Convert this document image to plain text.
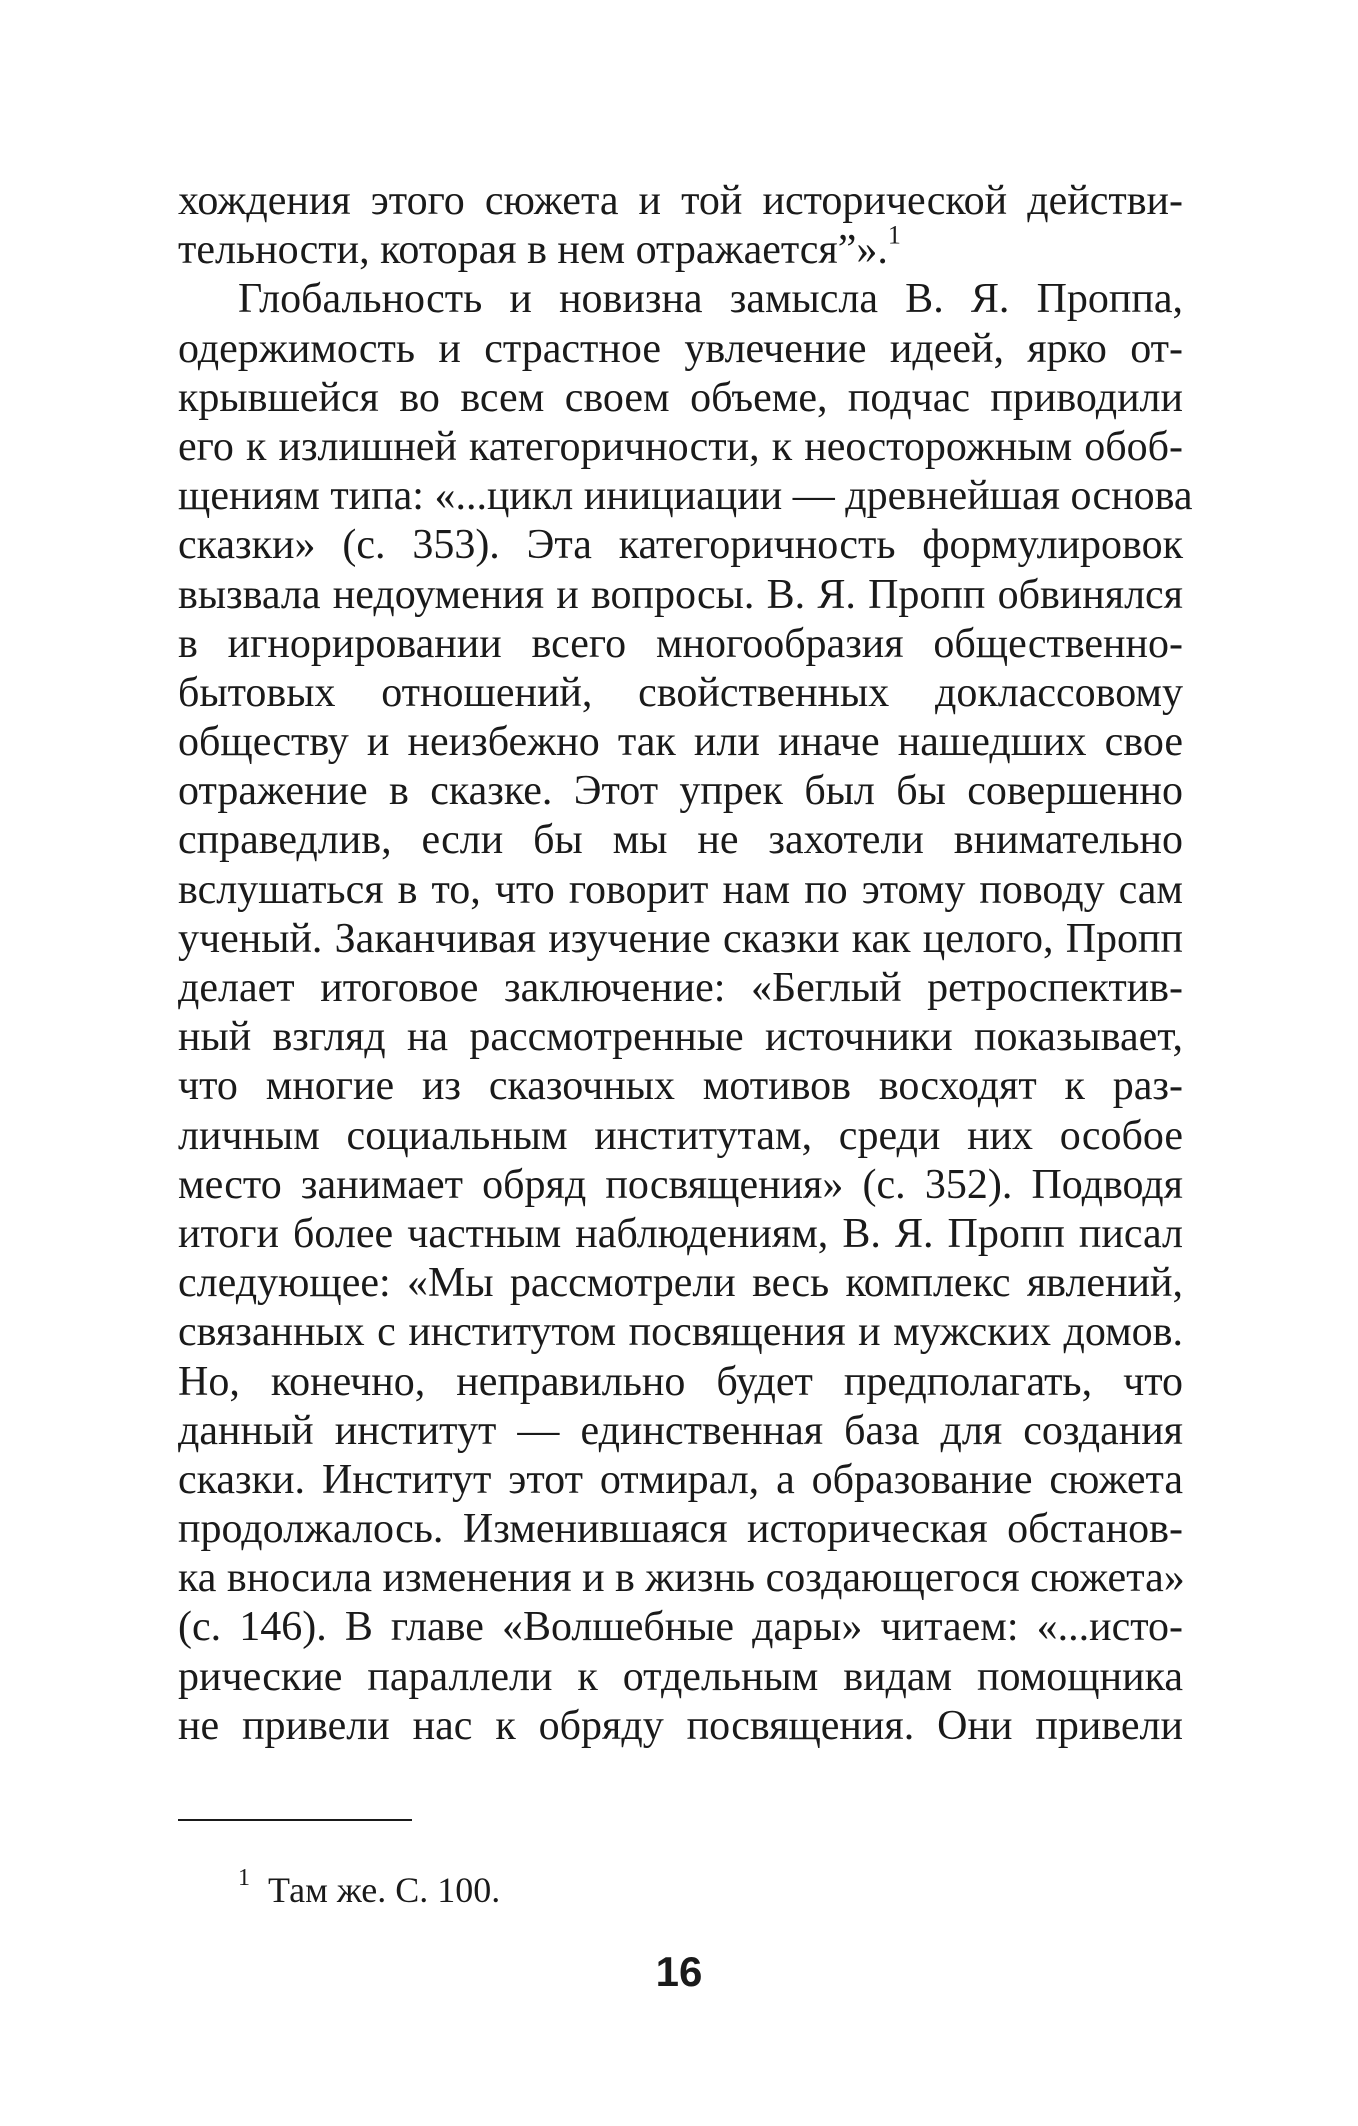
хождения этого сюжета и той исторической действи-
тельности, которая в нем отражается”».$^1$
Глобальность и новизна замысла В. Я. Проппа,
одержимость и страстное увлечение идеей, ярко от-
крывшейся во всем своем объеме, подчас приводили
его к излишней категоричности, к неосторожным обоб-
щениям типа: «...цикл инициации — древнейшая основа
сказки» (с. 353). Эта категоричность формулировок
вызвала недоумения и вопросы. В. Я. Пропп обвинялся
в игнорировании всего многообразия общественно-
бытовых отношений, свойственных доклассовому
обществу и неизбежно так или иначе нашедших свое
отражение в сказке. Этот упрек был бы совершенно
справедлив, если бы мы не захотели внимательно
вслушаться в то, что говорит нам по этому поводу сам
ученый. Заканчивая изучение сказки как целого, Пропп
делает итоговое заключение: «Беглый ретроспектив-
ный взгляд на рассмотренные источники показывает,
что многие из сказочных мотивов восходят к раз-
личным социальным институтам, среди них особое
место занимает обряд посвящения» (с. 352). Подводя
итоги более частным наблюдениям, В. Я. Пропп писал
следующее: «Мы рассмотрели весь комплекс явлений,
связанных с институтом посвящения и мужских домов.
Но, конечно, неправильно будет предполагать, что
данный институт — единственная база для создания
сказки. Институт этот отмирал, а образование сюжета
продолжалось. Изменившаяся историческая обстанов-
ка вносила изменения и в жизнь создающегося сюжета»
(с. 146). В главе «Волшебные дары» читаем: «...исто-
рические параллели к отдельным видам помощника
не привели нас к обряду посвящения. Они привели
$^1$ Там же. С. 100.
16
